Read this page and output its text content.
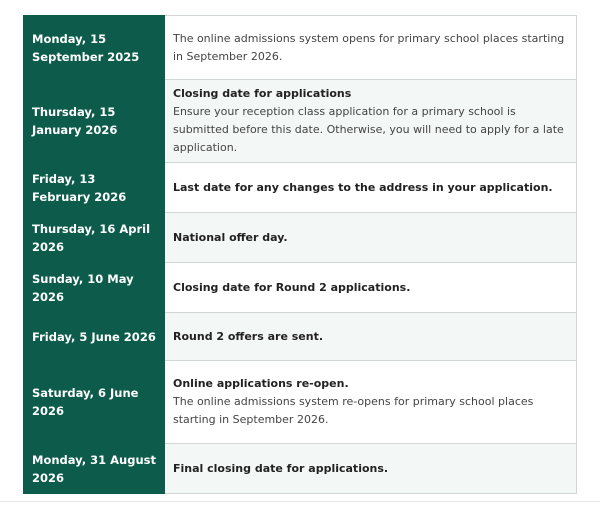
Monday, 15 September 2025	The online admissions system opens for primary school places starting in September 2026.

Thursday, 15 January 2026	Closing date for applications
Ensure your reception class application for a primary school is submitted before this date. Otherwise, you will need to apply for a late application.

Friday, 13 February 2026	Last date for any changes to the address in your application.

Thursday, 16 April 2026	National offer day.

Sunday, 10 May 2026	Closing date for Round 2 applications.

Friday, 5 June 2026	Round 2 offers are sent.

Saturday, 6 June 2026	Online applications re-open.
The online admissions system re-opens for primary school places starting in September 2026.

Monday, 31 August 2026	Final closing date for applications.
